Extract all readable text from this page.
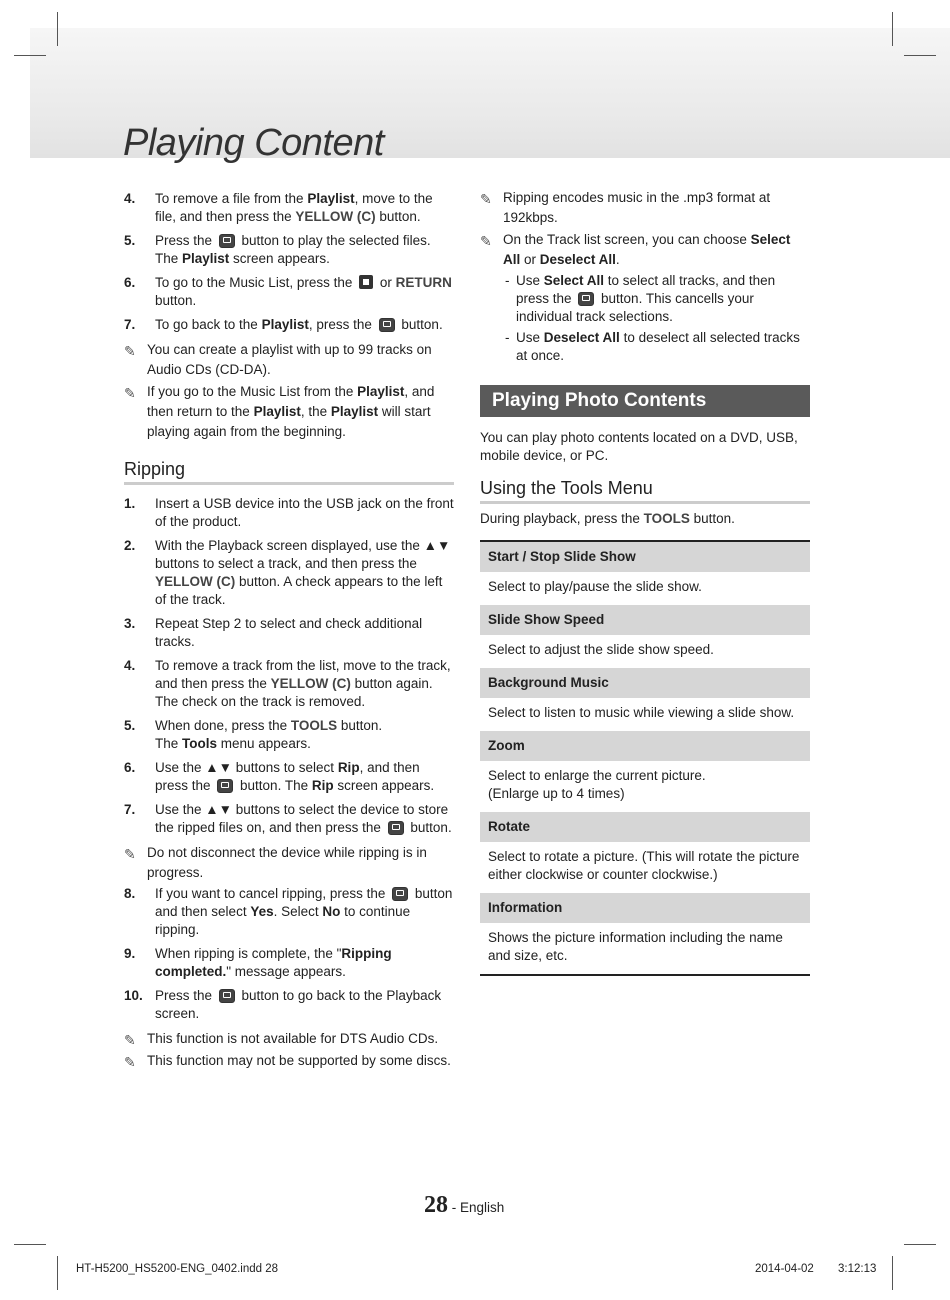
Playing Content
4. To remove a file from the Playlist, move to the file, and then press the YELLOW (C) button.
5. Press the  button to play the selected files. The Playlist screen appears.
6. To go to the Music List, press the  or RETURN button.
7. To go back to the Playlist, press the  button.
✎ You can create a playlist with up to 99 tracks on Audio CDs (CD-DA).
✎ If you go to the Music List from the Playlist, and then return to the Playlist, the Playlist will start playing again from the beginning.
Ripping
1. Insert a USB device into the USB jack on the front of the product.
2. With the Playback screen displayed, use the ▲▼ buttons to select a track, and then press the YELLOW (C) button. A check appears to the left of the track.
3. Repeat Step 2 to select and check additional tracks.
4. To remove a track from the list, move to the track, and then press the YELLOW (C) button again. The check on the track is removed.
5. When done, press the TOOLS button.
The Tools menu appears.
6. Use the ▲▼ buttons to select Rip, and then press the  button. The Rip screen appears.
7. Use the ▲▼ buttons to select the device to store the ripped files on, and then press the  button.
✎ Do not disconnect the device while ripping is in progress.
8. If you want to cancel ripping, press the  button and then select Yes. Select No to continue ripping.
9. When ripping is complete, the "Ripping completed." message appears.
10. Press the  button to go back to the Playback screen.
✎ This function is not available for DTS Audio CDs.
✎ This function may not be supported by some discs.
✎ Ripping encodes music in the .mp3 format at 192kbps.
✎ On the Track list screen, you can choose Select All or Deselect All.
- Use Select All to select all tracks, and then press the  button. This cancells your individual track selections.
- Use Deselect All to deselect all selected tracks at once.
Playing Photo Contents
You can play photo contents located on a DVD, USB, mobile device, or PC.
Using the Tools Menu
During playback, press the TOOLS button.
Start / Stop Slide Show
Select to play/pause the slide show.
Slide Show Speed
Select to adjust the slide show speed.
Background Music
Select to listen to music while viewing a slide show.
Zoom
Select to enlarge the current picture.
(Enlarge up to 4 times)
Rotate
Select to rotate a picture. (This will rotate the picture either clockwise or counter clockwise.)
Information
Shows the picture information including the name and size, etc.
28 - English
HT-H5200_HS5200-ENG_0402.indd 28	2014-04-02 3:12:13
